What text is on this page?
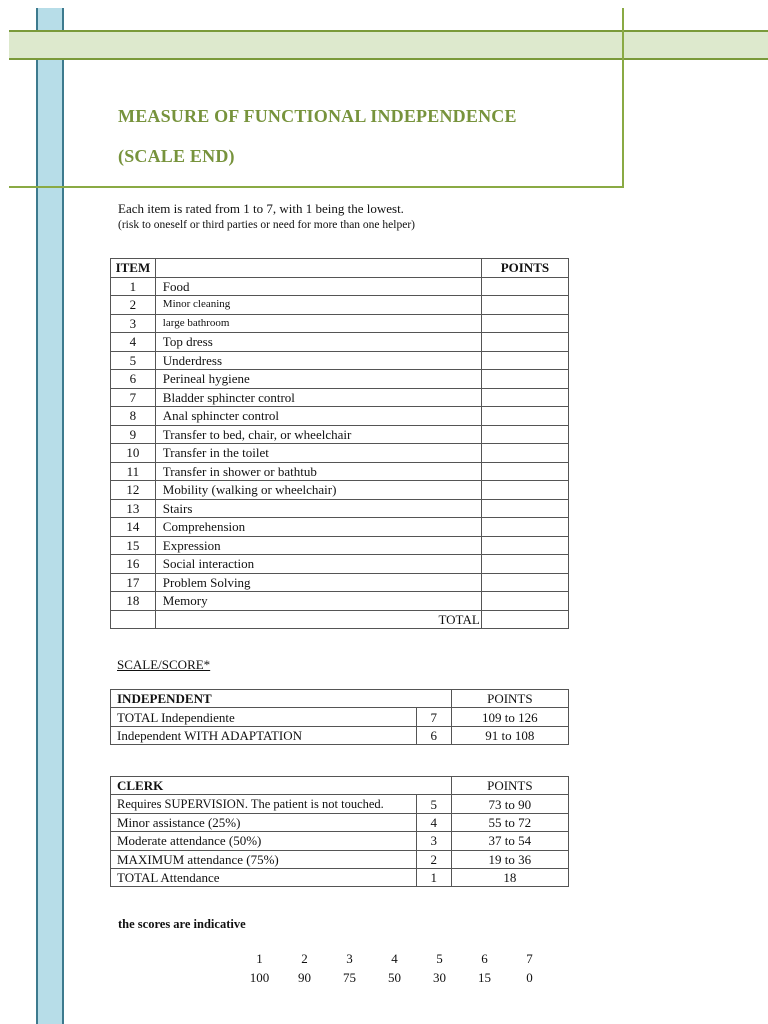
MEASURE OF FUNCTIONAL INDEPENDENCE
(SCALE END)
Each item is rated from 1 to 7, with 1 being the lowest.
(risk to oneself or third parties or need for more than one helper)
ITEM		POINTS
1	Food	
2	Minor cleaning	
3	large bathroom	
4	Top dress	
5	Underdress	
6	Perineal hygiene	
7	Bladder sphincter control	
8	Anal sphincter control	
9	Transfer to bed, chair, or wheelchair	
10	Transfer in the toilet	
11	Transfer in shower or bathtub	
12	Mobility (walking or wheelchair)	
13	Stairs	
14	Comprehension	
15	Expression	
16	Social interaction	
17	Problem Solving	
18	Memory	
	TOTAL	
SCALE/SCORE*
INDEPENDENT		POINTS
TOTAL Independiente	7	109 to 126
Independent WITH ADAPTATION	6	91 to 108
CLERK		POINTS
Requires SUPERVISION. The patient is not touched.	5	73 to 90
Minor assistance (25%)	4	55 to 72
Moderate attendance (50%)	3	37 to 54
MAXIMUM attendance (75%)	2	19 to 36
TOTAL Attendance	1	18
the scores are indicative
1	2	3	4	5	6	7
100 90 75 50 30 15	0
